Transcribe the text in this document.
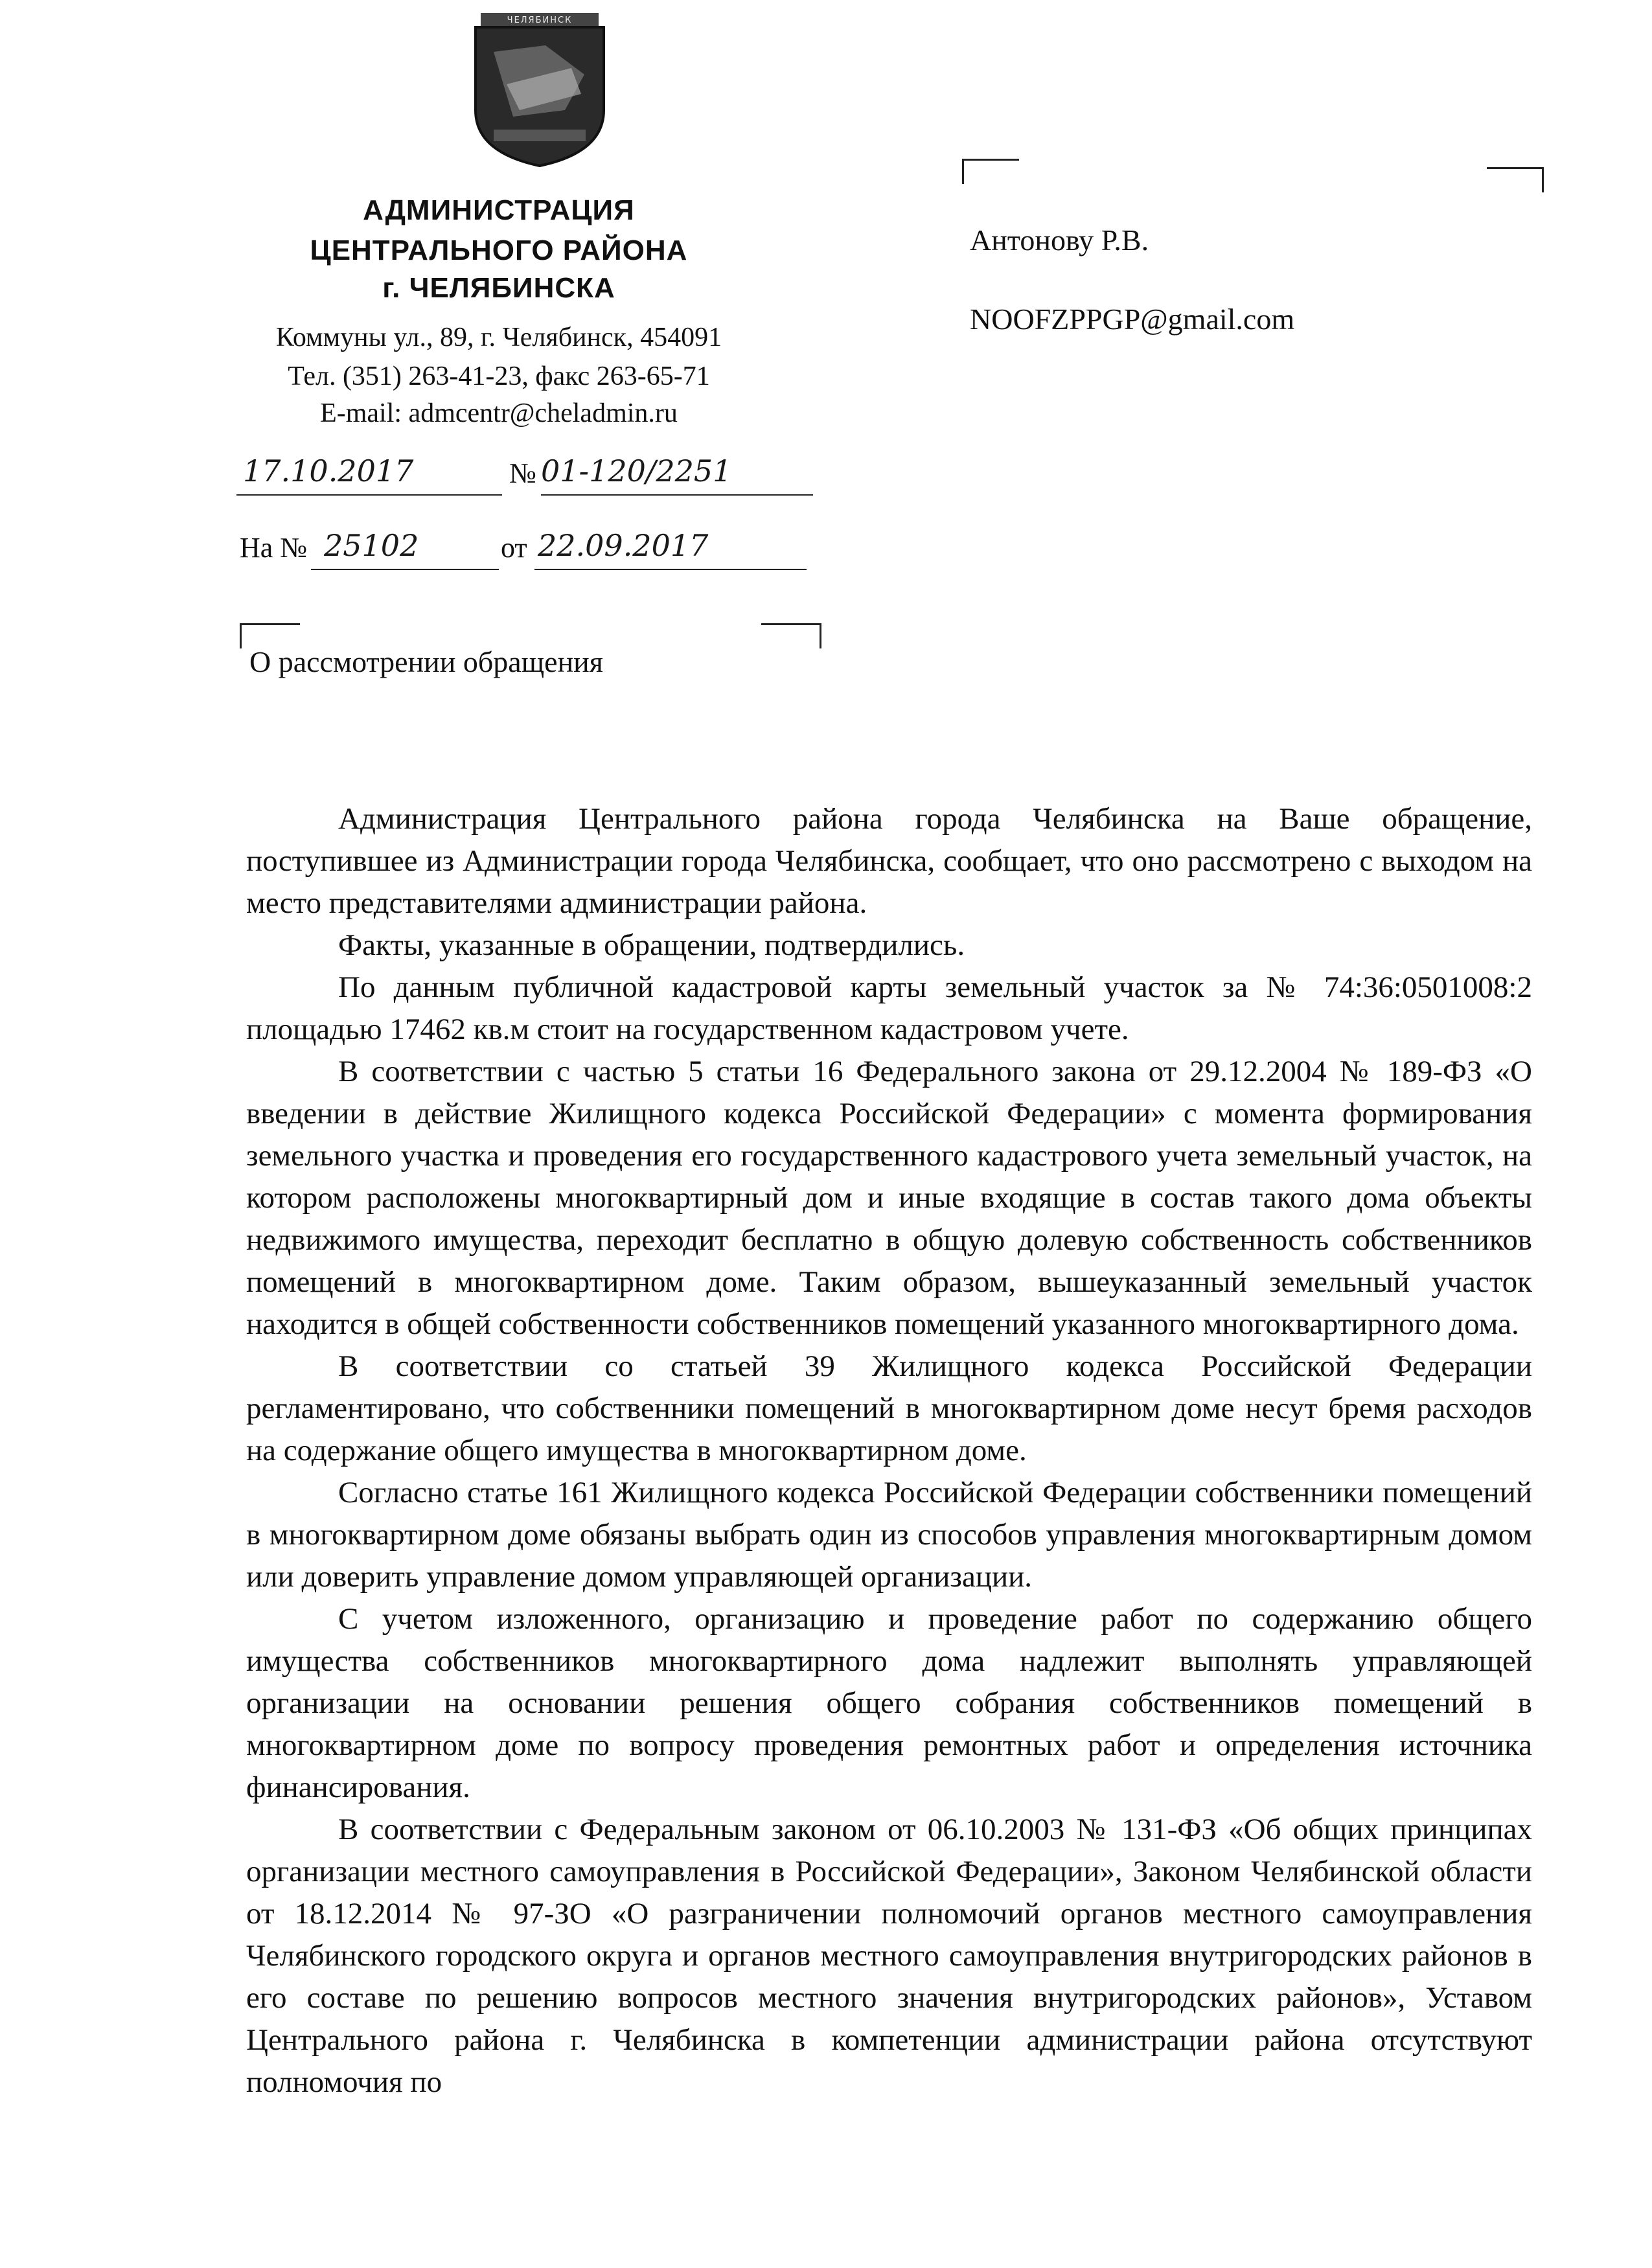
ЧЕЛЯБИНСК
АДМИНИСТРАЦИЯ
ЦЕНТРАЛЬНОГО РАЙОНА
г. ЧЕЛЯБИНСКА
Коммуны ул., 89, г. Челябинск, 454091
Тел. (351) 263-41-23, факс 263-65-71
E-mail: admcentr@cheladmin.ru
17.10.2017	№ 01-120/2251
На № 25102	от 22.09.2017
О рассмотрении обращения
Антонову Р.В.
NOOFZPPGP@gmail.com

Администрация Центрального района города Челябинска на Ваше обращение, поступившее из Администрации города Челябинска, сообщает, что оно рассмотрено с выходом на место представителями администрации района.

Факты, указанные в обращении, подтвердились.

По данным публичной кадастровой карты земельный участок за № 74:36:0501008:2 площадью 17462 кв.м стоит на государственном кадастровом учете.

В соответствии с частью 5 статьи 16 Федерального закона от 29.12.2004 № 189-ФЗ «О введении в действие Жилищного кодекса Российской Федерации» с момента формирования земельного участка и проведения его государственного кадастрового учета земельный участок, на котором расположены многоквартирный дом и иные входящие в состав такого дома объекты недвижимого имущества, переходит бесплатно в общую долевую собственность собственников помещений в многоквартирном доме. Таким образом, вышеуказанный земельный участок находится в общей собственности собственников помещений указанного многоквартирного дома.

В соответствии со статьей 39 Жилищного кодекса Российской Федерации регламентировано, что собственники помещений в многоквартирном доме несут бремя расходов на содержание общего имущества в многоквартирном доме.

Согласно статье 161 Жилищного кодекса Российской Федерации собственники помещений в многоквартирном доме обязаны выбрать один из способов управления многоквартирным домом или доверить управление домом управляющей организации.

С учетом изложенного, организацию и проведение работ по содержанию общего имущества собственников многоквартирного дома надлежит выполнять управляющей организации на основании решения общего собрания собственников помещений в многоквартирном доме по вопросу проведения ремонтных работ и определения источника финансирования.

В соответствии с Федеральным законом от 06.10.2003 № 131-ФЗ «Об общих принципах организации местного самоуправления в Российской Федерации», Законом Челябинской области от 18.12.2014 № 97-ЗО «О разграничении полномочий органов местного самоуправления Челябинского городского округа и органов местного самоуправления внутригородских районов в его составе по решению вопросов местного значения внутригородских районов», Уставом Центрального района г. Челябинска в компетенции администрации района отсутствуют полномочия по
